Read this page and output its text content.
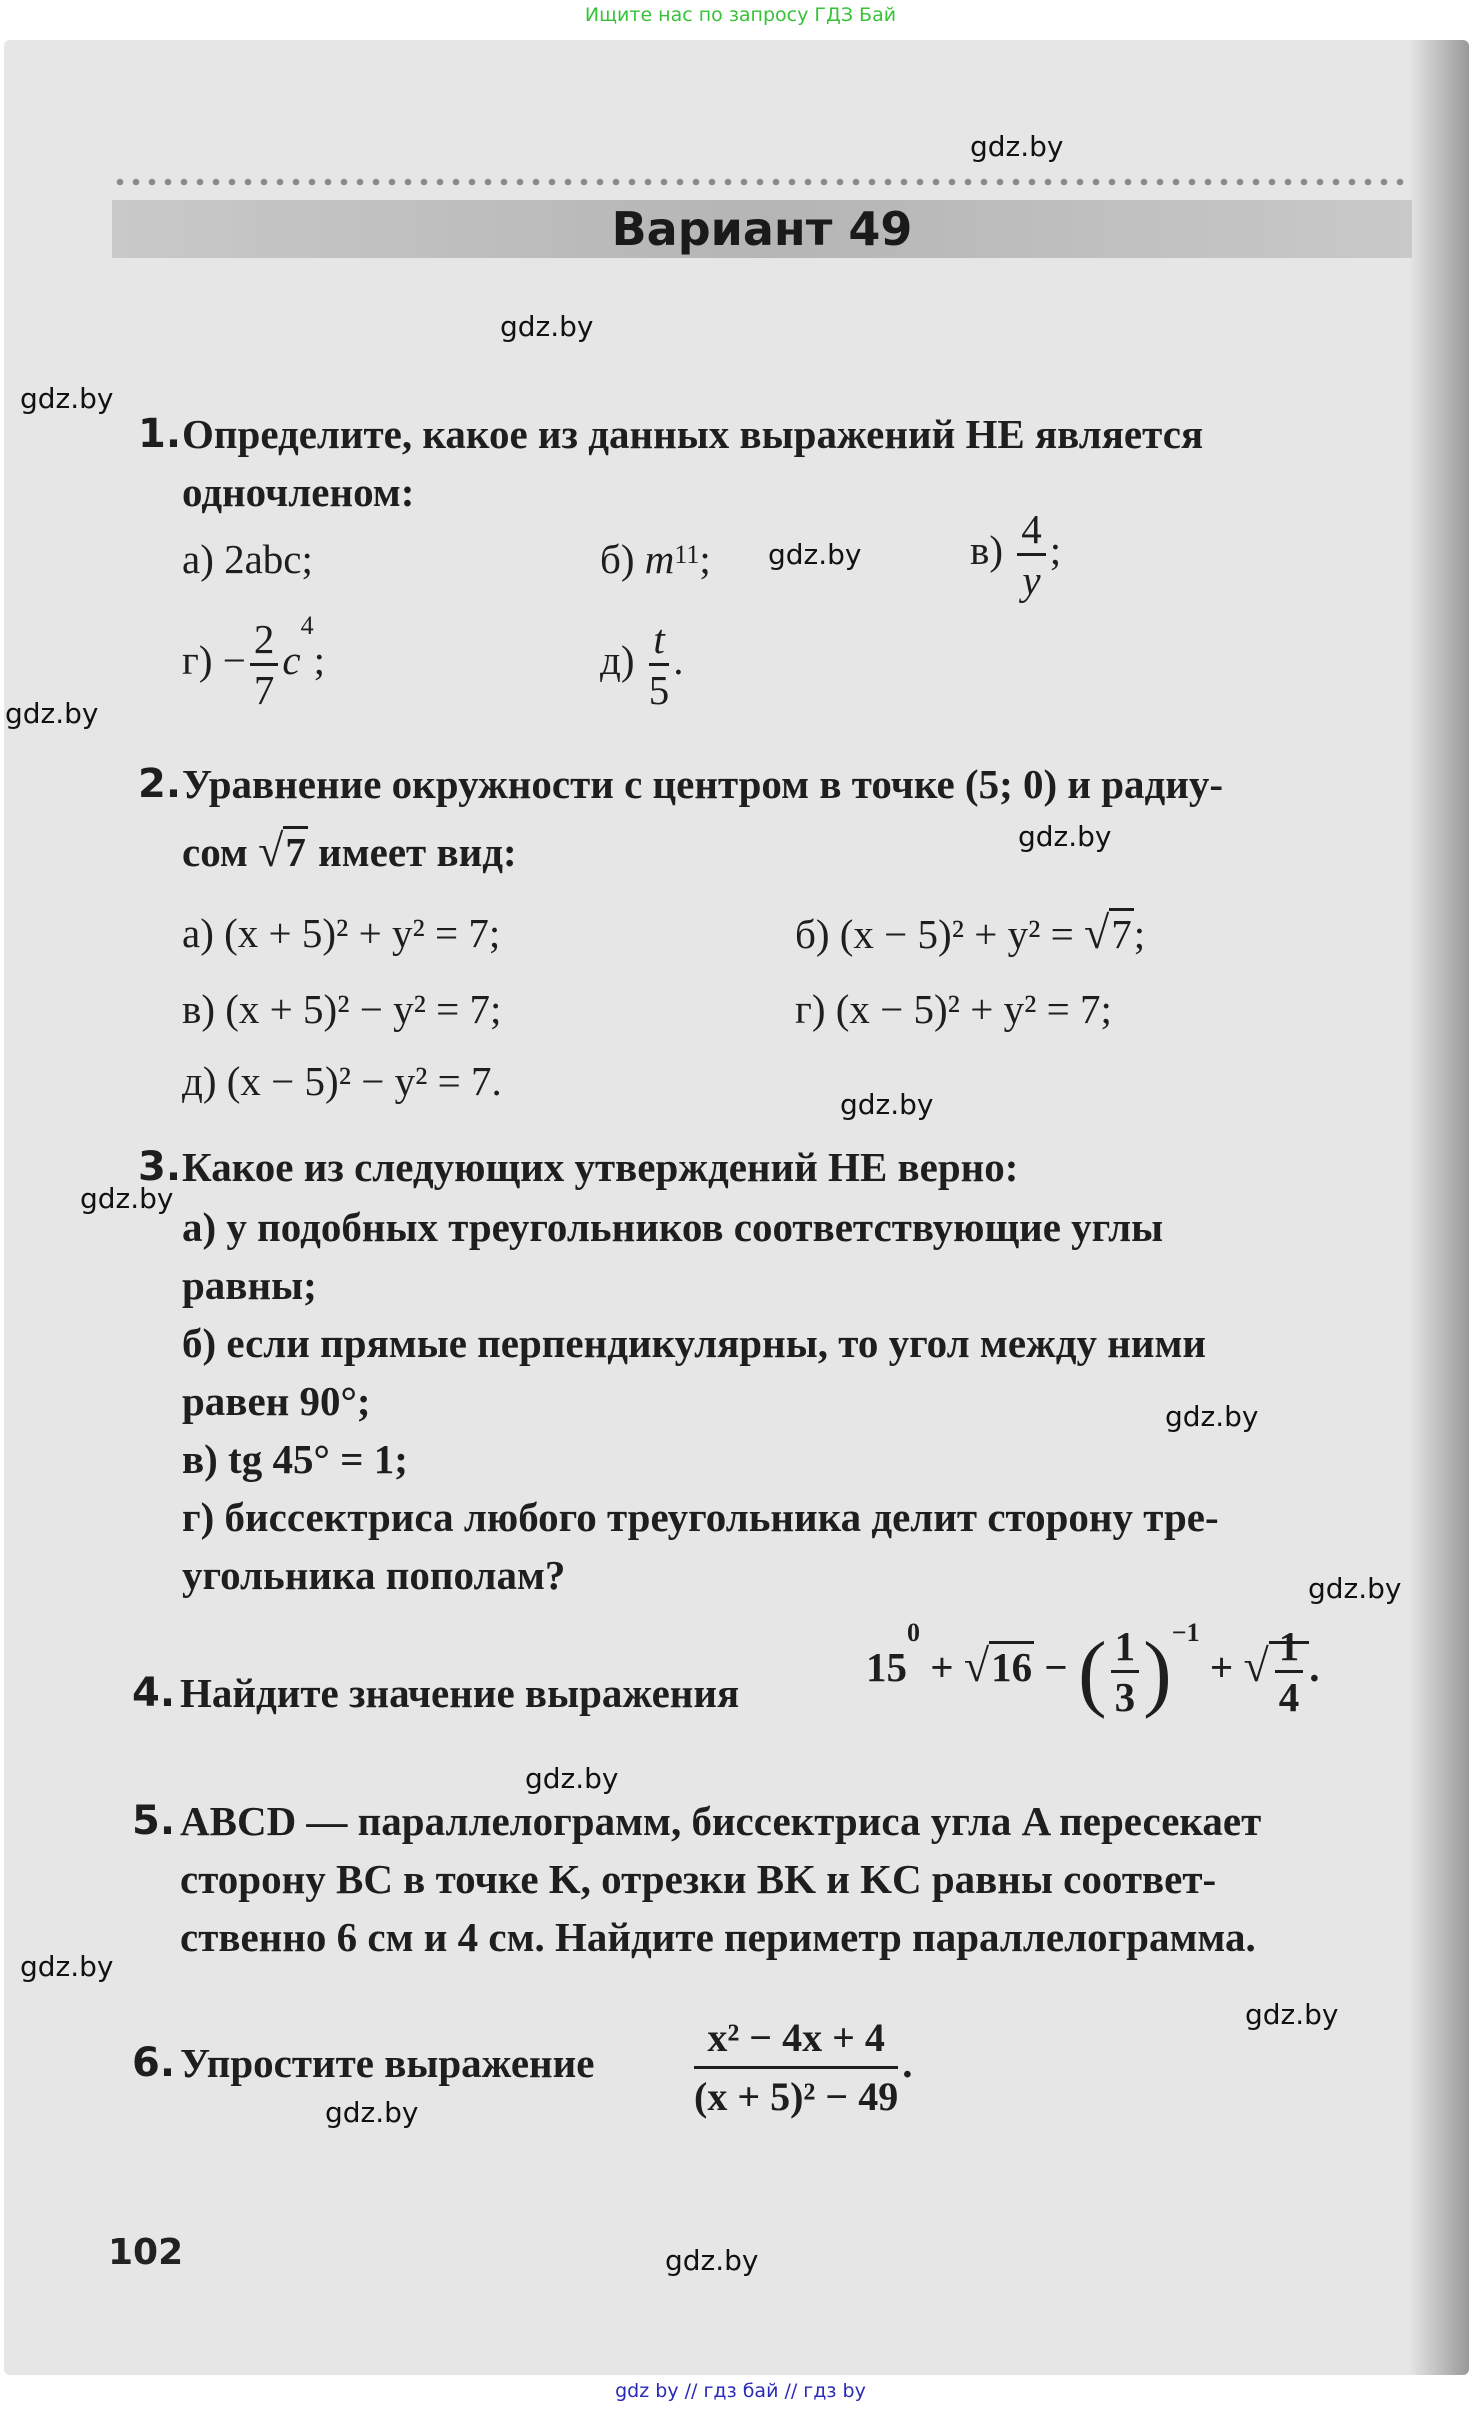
Ищите нас по запросу ГДЗ Бай
Вариант 49
1. Определите, какое из данных выражений НЕ является
одночленом:
а) 2abc;	б) $m^{11}$;	$в) \frac{4}{y}$ ;
$г) - \frac{2}{7} c^4$;	$д) \frac{t}{5}$ .
2. Уравнение окружности с центром в точке (5; 0) и радиу-
сом √7 имеет вид:
а) (x + 5)² + y² = 7;	б) (x − 5)² + y² = √7;
в) (x + 5)² − y² = 7;	г) (x − 5)² + y² = 7;
д) (x − 5)² − y² = 7.
3. Какое из следующих утверждений НЕ верно:
а) у подобных треугольников соответствующие углы
равны;
б) если прямые перпендикулярны, то угол между ними
равен 90°;
в) tg 45° = 1;
г) биссектриса любого треугольника делит сторону тре-
угольника пополам?
4. Найдите значение выражения
$15^0 + √16$ − ( $\frac{1}{3} )^{-1}$ + √ $\frac{1}{4}$ .
5. ABCD — параллелограмм, биссектриса угла A пересекает
сторону BC в точке K, отрезки BK и KC равны соответ-
ственно 6 см и 4 см. Найдите периметр параллелограмма.
6. Упростите выражение $\frac{\text{x² − 4x + 4}}{\text{(x + 5)² − 49}}$ .
gdz.by
gdz.by
gdz.by
gdz.by
gdz.by
gdz.by
gdz.by
gdz.by
gdz.by
gdz.by
gdz.by
gdz.by
gdz.by
gdz.by
gdz.by
102
gdz by // гдз бай // гдз by
